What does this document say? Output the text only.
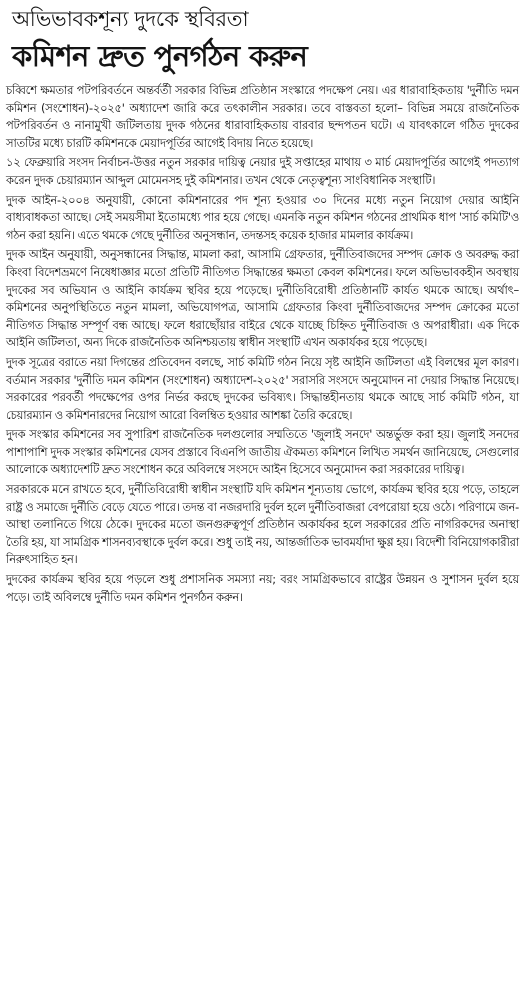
অভিভাবকশূন্য দুদকে স্থবিরতা
কমিশন দ্রুত পুনর্গঠন করুন

চব্বিশে ক্ষমতার পটপরিবর্তনে অন্তর্বর্তী সরকার বিভিন্ন প্রতিষ্ঠান সংস্কারে পদক্ষেপ নেয়। এর ধারাবাহিকতায় 'দুর্নীতি দমন কমিশন (সংশোধন)-২০২৫' অধ্যাদেশ জারি করে তৎকালীন সরকার। তবে বাস্তবতা হলো– বিভিন্ন সময়ে রাজনৈতিক পটপরিবর্তন ও নানামুখী জটিলতায় দুদক গঠনের ধারাবাহিকতায় বারবার ছন্দপতন ঘটে। এ যাবৎকালে গঠিত দুদকের সাতটির মধ্যে চারটি কমিশনকে মেয়াদপূর্তির আগেই বিদায় নিতে হয়েছে।

১২ ফেব্রুয়ারি সংসদ নির্বাচন-উত্তর নতুন সরকার দায়িত্ব নেয়ার দুই সপ্তাহের মাথায় ৩ মার্চ মেয়াদপূর্তির আগেই পদত্যাগ করেন দুদক চেয়ারম্যান আব্দুল মোমেনসহ দুই কমিশনার। তখন থেকে নেতৃত্বশূন্য সাংবিধানিক সংস্থাটি।

দুদক আইন-২০০৪ অনুযায়ী, কোনো কমিশনারের পদ শূন্য হওয়ার ৩০ দিনের মধ্যে নতুন নিয়োগ দেয়ার আইনি বাধ্যবাধকতা আছে। সেই সময়সীমা ইতোমধ্যে পার হয়ে গেছে। এমনকি নতুন কমিশন গঠনের প্রাথমিক ধাপ 'সার্চ কমিটি'ও গঠন করা হয়নি। এতে থমকে গেছে দুর্নীতির অনুসন্ধান, তদন্তসহ কয়েক হাজার মামলার কার্যক্রম।

দুদক আইন অনুযায়ী, অনুসন্ধানের সিদ্ধান্ত, মামলা করা, আসামি গ্রেফতার, দুর্নীতিবাজদের সম্পদ ক্রোক ও অবরুদ্ধ করা কিংবা বিদেশভ্রমণে নিষেধাজ্ঞার মতো প্রতিটি নীতিগত সিদ্ধান্তের ক্ষমতা কেবল কমিশনের। ফলে অভিভাবকহীন অবস্থায় দুদকের সব অভিযান ও আইনি কার্যক্রম স্থবির হয়ে পড়েছে। দুর্নীতিবিরোধী প্রতিষ্ঠানটি কার্যত থমকে আছে। অর্থাৎ– কমিশনের অনুপস্থিতিতে নতুন মামলা, অভিযোগপত্র, আসামি গ্রেফতার কিংবা দুর্নীতিবাজদের সম্পদ ক্রোকের মতো নীতিগত সিদ্ধান্ত সম্পূর্ণ বন্ধ আছে। ফলে ধরাছোঁয়ার বাইরে থেকে যাচ্ছে চিহ্নিত দুর্নীতিবাজ ও অপরাধীরা। এক দিকে আইনি জটিলতা, অন্য দিকে রাজনৈতিক অনিশ্চয়তায় স্বাধীন সংস্থাটি এখন অকার্যকর হয়ে পড়েছে।

দুদক সূত্রের বরাতে নয়া দিগন্তের প্রতিবেদন বলছে, সার্চ কমিটি গঠন নিয়ে সৃষ্ট আইনি জটিলতা এই বিলম্বের মূল কারণ। বর্তমান সরকার 'দুর্নীতি দমন কমিশন (সংশোধন) অধ্যাদেশ-২০২৫' সরাসরি সংসদে অনুমোদন না দেয়ার সিদ্ধান্ত নিয়েছে। সরকারের পরবর্তী পদক্ষেপের ওপর নির্ভর করছে দুদকের ভবিষ্যৎ। সিদ্ধান্তহীনতায় থমকে আছে সার্চ কমিটি গঠন, যা চেয়ারম্যান ও কমিশনারদের নিয়োগ আরো বিলম্বিত হওয়ার আশঙ্কা তৈরি করেছে।

দুদক সংস্কার কমিশনের সব সুপারিশ রাজনৈতিক দলগুলোর সম্মতিতে 'জুলাই সনদে' অন্তর্ভুক্ত করা হয়। জুলাই সনদের পাশাপাশি দুদক সংস্কার কমিশনের যেসব প্রস্তাবে বিএনপি জাতীয় ঐকমত্য কমিশনে লিখিত সমর্থন জানিয়েছে, সেগুলোর আলোকে অধ্যাদেশটি দ্রুত সংশোধন করে অবিলম্বে সংসদে আইন হিসেবে অনুমোদন করা সরকারের দায়িত্ব।

সরকারকে মনে রাখতে হবে, দুর্নীতিবিরোধী স্বাধীন সংস্থাটি যদি কমিশন শূন্যতায় ভোগে, কার্যক্রম স্থবির হয়ে পড়ে, তাহলে রাষ্ট্র ও সমাজে দুর্নীতি বেড়ে যেতে পারে। তদন্ত বা নজরদারি দুর্বল হলে দুর্নীতিবাজরা বেপরোয়া হয়ে ওঠে। পরিণামে জন-আস্থা তলানিতে গিয়ে ঠেকে। দুদকের মতো জনগুরুত্বপূর্ণ প্রতিষ্ঠান অকার্যকর হলে সরকারের প্রতি নাগরিকদের অনাস্থা তৈরি হয়, যা সামগ্রিক শাসনব্যবস্থাকে দুর্বল করে। শুধু তাই নয়, আন্তর্জাতিক ভাবমর্যাদা ক্ষুণ্ণ হয়। বিদেশী বিনিয়োগকারীরা নিরুৎসাহিত হন।

দুদকের কার্যক্রম স্থবির হয়ে পড়লে শুধু প্রশাসনিক সমস্যা নয়; বরং সামগ্রিকভাবে রাষ্ট্রের উন্নয়ন ও সুশাসন দুর্বল হয়ে পড়ে। তাই অবিলম্বে দুর্নীতি দমন কমিশন পুনর্গঠন করুন।
